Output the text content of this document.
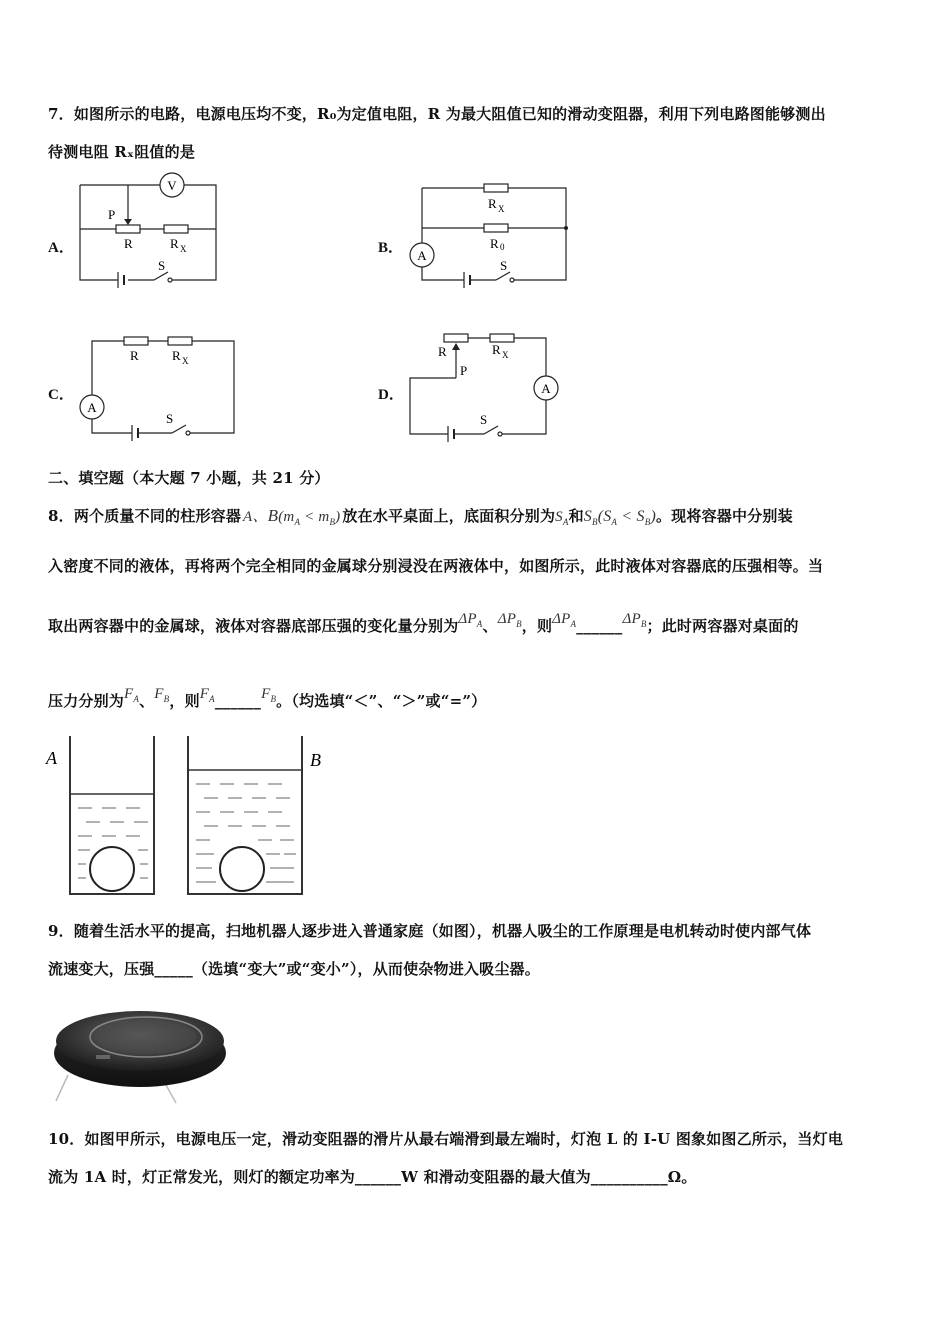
7．如图所示的电路，电源电压均不变，R₀为定值电阻，R 为最大阻值已知的滑动变阻器，利用下列电路图能够测出
待测电阻 Rₓ阻值的是
A．
V
P
R	R X
S
B．
R X
R 0
A
S
C．
R	R X
A
S
D．
R	R X
P
A
S
二、填空题（本大题 7 小题，共 21 分）
8．两个质量不同的柱形容器 A、$B(m_A < m_B)$ 放在水平桌面上，底面积分别为$S_A$和$S_B(S_A < S_B)$。现将容器中分别装
入密度不同的液体，再将两个完全相同的金属球分别浸没在两液体中，如图所示，此时液体对容器底的压强相等。当
取出两容器中的金属球，液体对容器底部压强的变化量分别为$\Delta P_A$、$\Delta P_B$，则$\Delta P_A\_\_\_\_\_\_\Delta P_B$；此时两容器对桌面的
压力分别为$F_A$、$F_B$，则$F_A\_\_\_\_\_\_F_B$。（均选填“＜”、“＞”或“=”）
A	B
9．随着生活水平的提高，扫地机器人逐步进入普通家庭（如图），机器人吸尘的工作原理是电机转动时使内部气体
流速变大，压强_____（选填“变大”或“变小”），从而使杂物进入吸尘器。
10．如图甲所示，电源电压一定，滑动变阻器的滑片从最右端滑到最左端时，灯泡 L 的 I-U 图象如图乙所示，当灯电
流为 1A 时，灯正常发光，则灯的额定功率为______W 和滑动变阻器的最大值为__________Ω。
